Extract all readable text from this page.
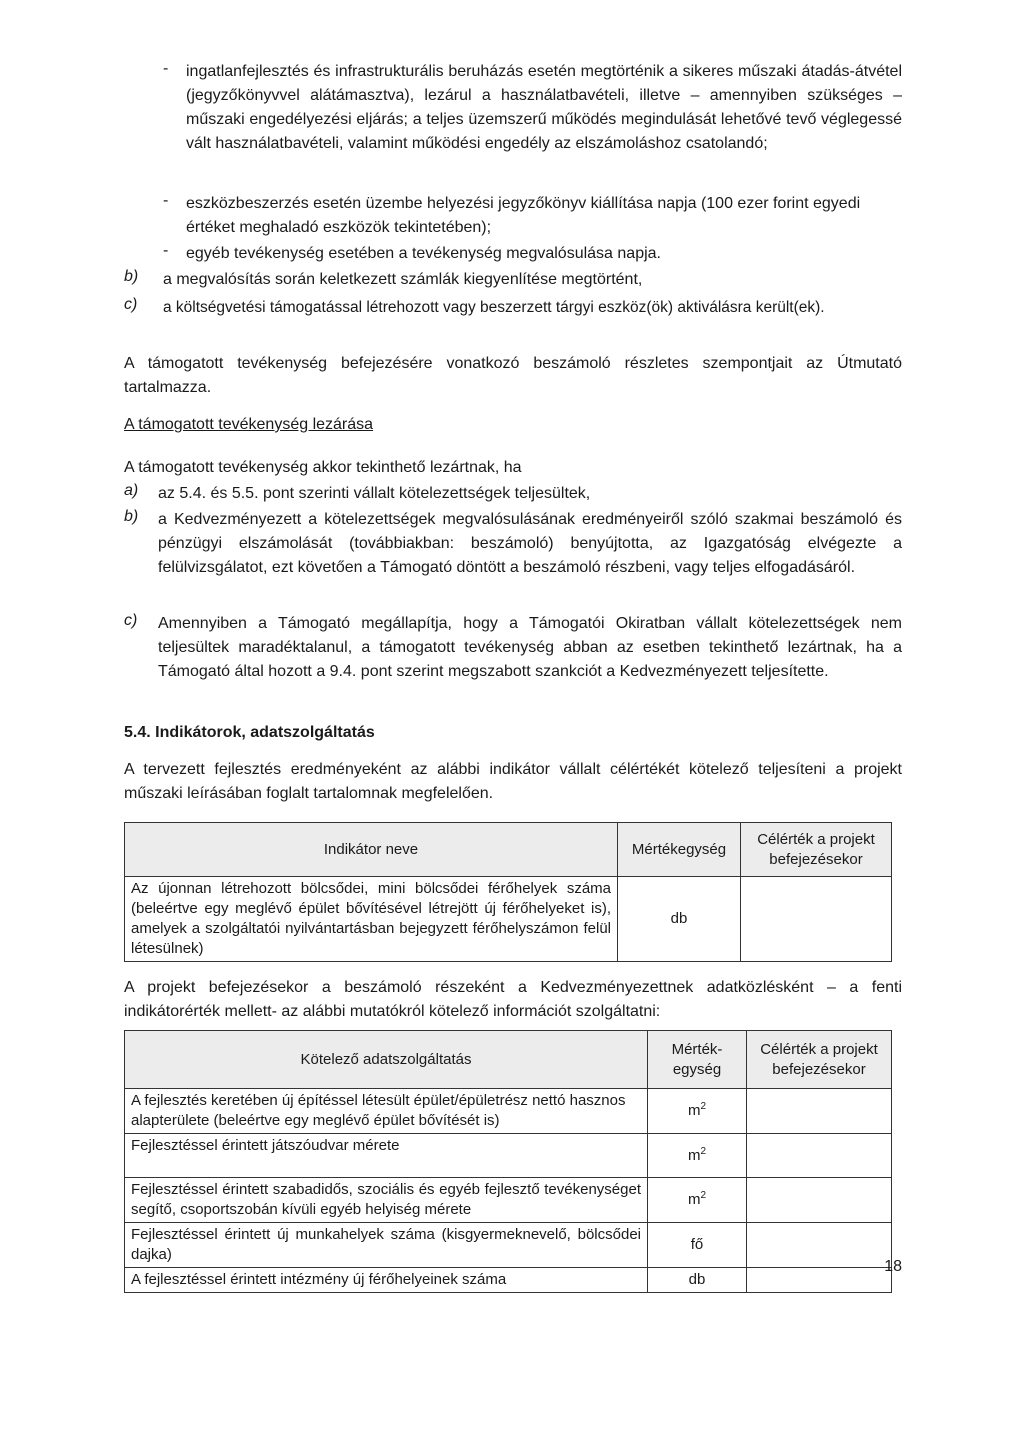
- ingatlanfejlesztés és infrastrukturális beruházás esetén megtörténik a sikeres műszaki átadás-átvétel (jegyzőkönyvvel alátámasztva), lezárul a használatbavételi, illetve – amennyiben szükséges – műszaki engedélyezési eljárás; a teljes üzemszerű működés megindulását lehetővé tevő véglegessé vált használatbavételi, valamint működési engedély az elszámoláshoz csatolandó;
- eszközbeszerzés esetén üzembe helyezési jegyzőkönyv kiállítása napja (100 ezer forint egyedi értéket meghaladó eszközök tekintetében);
- egyéb tevékenység esetében a tevékenység megvalósulása napja.
b) a megvalósítás során keletkezett számlák kiegyenlítése megtörtént,
c) a költségvetési támogatással létrehozott vagy beszerzett tárgyi eszköz(ök) aktiválásra került(ek).
A támogatott tevékenység befejezésére vonatkozó beszámoló részletes szempontjait az Útmutató tartalmazza.
A támogatott tevékenység lezárása
A támogatott tevékenység akkor tekinthető lezártnak, ha
a) az 5.4. és 5.5. pont szerinti vállalt kötelezettségek teljesültek,
b) a Kedvezményezett a kötelezettségek megvalósulásának eredményeiről szóló szakmai beszámoló és pénzügyi elszámolását (továbbiakban: beszámoló) benyújtotta, az Igazgatóság elvégezte a felülvizsgálatot, ezt követően a Támogató döntött a beszámoló részbeni, vagy teljes elfogadásáról.
c) Amennyiben a Támogató megállapítja, hogy a Támogatói Okiratban vállalt kötelezettségek nem teljesültek maradéktalanul, a támogatott tevékenység abban az esetben tekinthető lezártnak, ha a Támogató által hozott a 9.4. pont szerint megszabott szankciót a Kedvezményezett teljesítette.
5.4. Indikátorok, adatszolgáltatás
A tervezett fejlesztés eredményeként az alábbi indikátor vállalt célértékét kötelező teljesíteni a projekt műszaki leírásában foglalt tartalomnak megfelelően.
Indikátor neve	Mértékegység	Célérték a projekt befejezésekor
Az újonnan létrehozott bölcsődei, mini bölcsődei férőhelyek száma (beleértve egy meglévő épület bővítésével létrejött új férőhelyeket is), amelyek a szolgáltatói nyilvántartásban bejegyzett férőhelyszámon felül létesülnek)	db	
A projekt befejezésekor a beszámoló részeként a Kedvezményezettnek adatközlésként – a fenti indikátorérték mellett- az alábbi mutatókról kötelező információt szolgáltatni:
Kötelező adatszolgáltatás	Mérték-egység	Célérték a projekt befejezésekor
A fejlesztés keretében új építéssel létesült épület/épületrész nettó hasznos alapterülete (beleértve egy meglévő épület bővítését is)	$m^2$	
Fejlesztéssel érintett játszóudvar mérete	$m^2$	
Fejlesztéssel érintett szabadidős, szociális és egyéb fejlesztő tevékenységet segítő, csoportszobán kívüli egyéb helyiség mérete	$m^2$	
Fejlesztéssel érintett új munkahelyek száma (kisgyermeknevelő, bölcsődei dajka)	fő	
A fejlesztéssel érintett intézmény új férőhelyeinek száma	db	
18
